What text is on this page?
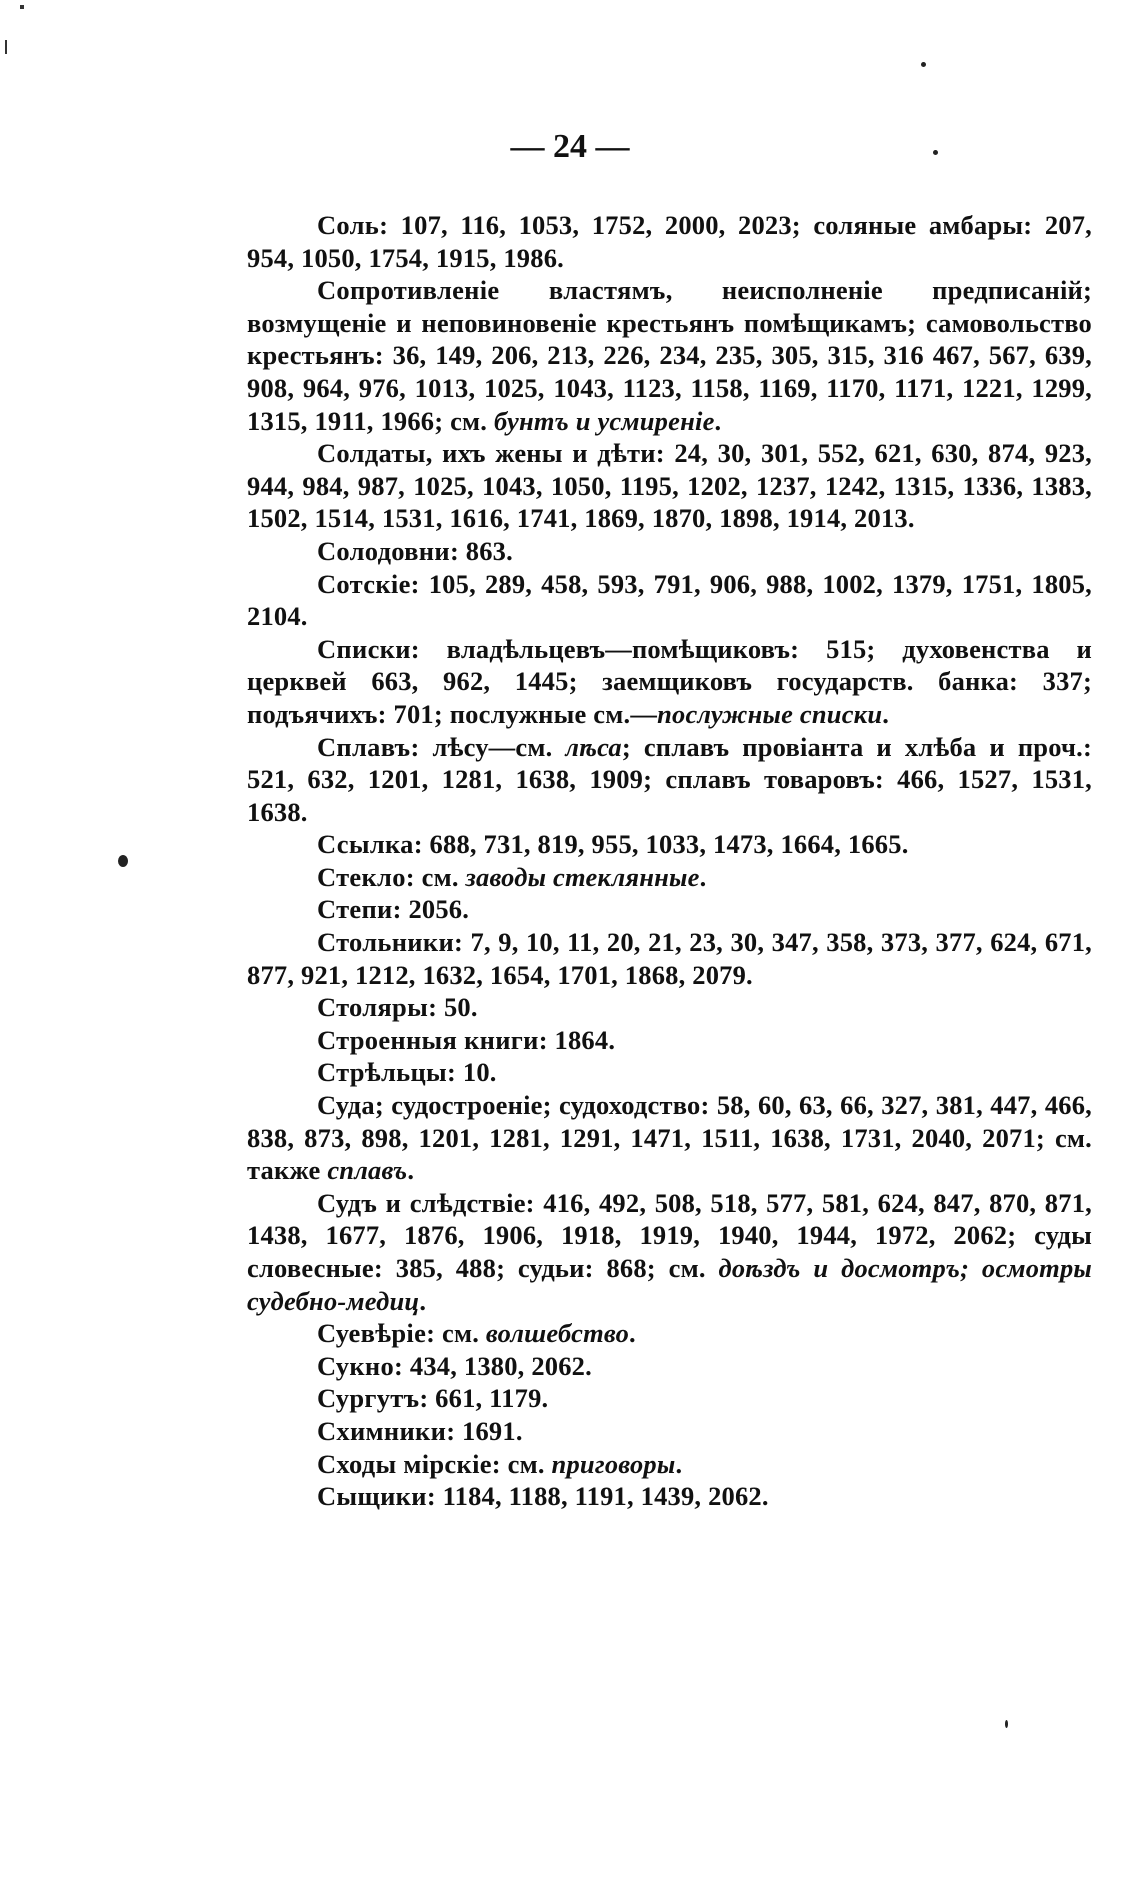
— 24 —

Соль: 107, 116, 1053, 1752, 2000, 2023; соляные амбары: 207, 954, 1050, 1754, 1915, 1986.

Сопротивленіе властямъ, неисполненіе предписаній; возмущеніе и неповиновеніе крестьянъ помѣщикамъ; самовольство крестьянъ: 36, 149, 206, 213, 226, 234, 235, 305, 315, 316 467, 567, 639, 908, 964, 976, 1013, 1025, 1043, 1123, 1158, 1169, 1170, 1171, 1221, 1299, 1315, 1911, 1966; см. бунтъ и усмиреніе.

Солдаты, ихъ жены и дѣти: 24, 30, 301, 552, 621, 630, 874, 923, 944, 984, 987, 1025, 1043, 1050, 1195, 1202, 1237, 1242, 1315, 1336, 1383, 1502, 1514, 1531, 1616, 1741, 1869, 1870, 1898, 1914, 2013.

Солодовни: 863.

Сотскіе: 105, 289, 458, 593, 791, 906, 988, 1002, 1379, 1751, 1805, 2104.

Списки: владѣльцевъ—помѣщиковъ: 515; духовенства и церквей 663, 962, 1445; заемщиковъ государств. банка: 337; подъячихъ: 701; послужные см.—послужные списки.

Сплавъ: лѣсу—см. лѣса; сплавъ провіанта и хлѣба и проч.: 521, 632, 1201, 1281, 1638, 1909; сплавъ товаровъ: 466, 1527, 1531, 1638.

Ссылка: 688, 731, 819, 955, 1033, 1473, 1664, 1665.

Стекло: см. заводы стеклянные.

Степи: 2056.

Стольники: 7, 9, 10, 11, 20, 21, 23, 30, 347, 358, 373, 377, 624, 671, 877, 921, 1212, 1632, 1654, 1701, 1868, 2079.

Столяры: 50.

Строенныя книги: 1864.

Стрѣльцы: 10.

Суда; судостроеніе; судоходство: 58, 60, 63, 66, 327, 381, 447, 466, 838, 873, 898, 1201, 1281, 1291, 1471, 1511, 1638, 1731, 2040, 2071; см. также сплавъ.

Судъ и слѣдствіе: 416, 492, 508, 518, 577, 581, 624, 847, 870, 871, 1438, 1677, 1876, 1906, 1918, 1919, 1940, 1944, 1972, 2062; суды словесные: 385, 488; судьи: 868; см. доѣздъ и досмотръ; осмотры судебно-медиц.

Суевѣріе: см. волшебство.

Сукно: 434, 1380, 2062.

Сургутъ: 661, 1179.

Схимники: 1691.

Сходы мірскіе: см. приговоры.

Сыщики: 1184, 1188, 1191, 1439, 2062.
